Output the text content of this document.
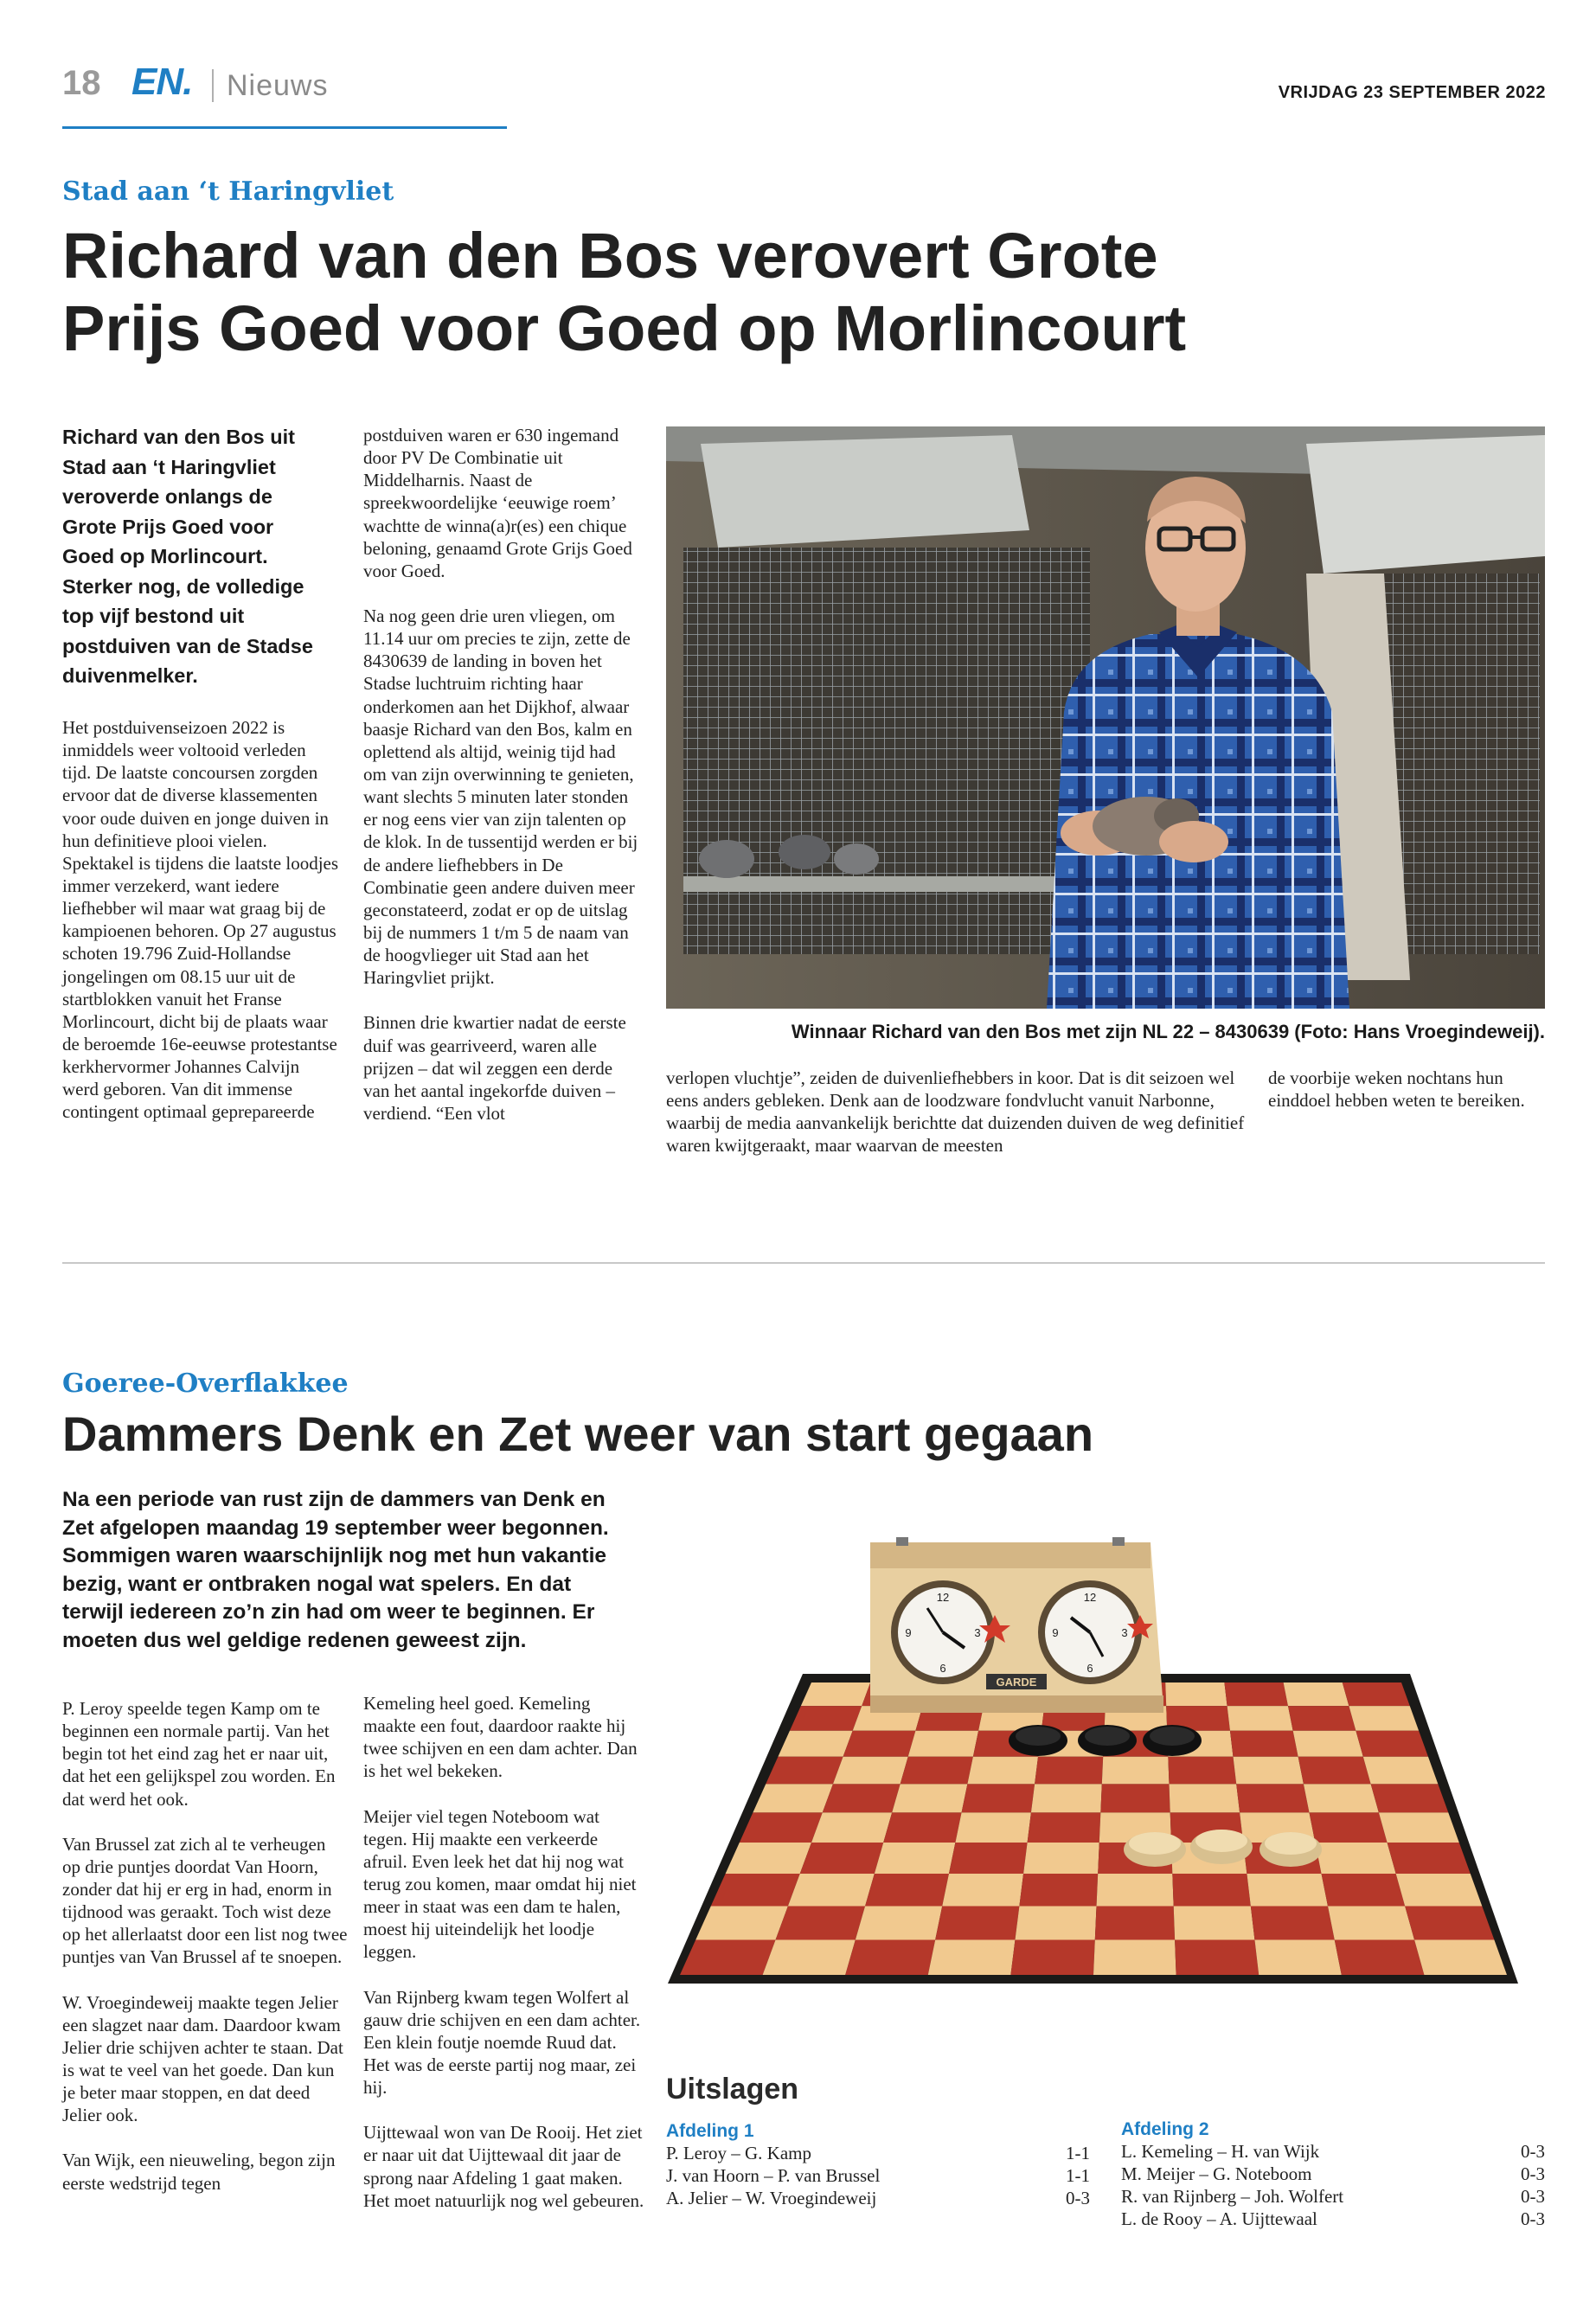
18 EN. Nieuws	VRIJDAG 23 SEPTEMBER 2022
Stad aan ‘t Haringvliet
Richard van den Bos verovert Grote
Prijs Goed voor Goed op Morlincourt
Richard van den Bos uit Stad aan ‘t Haringvliet veroverde onlangs de Grote Prijs Goed voor Goed op Morlincourt. Sterker nog, de volledige top vijf bestond uit postduiven van de Stadse duivenmelker.

Het postduivenseizoen 2022 is inmiddels weer voltooid verleden tijd. De laatste concoursen zorgden ervoor dat de diverse klassementen voor oude duiven en jonge duiven in hun definitieve plooi vielen. Spektakel is tijdens die laatste loodjes immer verzekerd, want iedere liefhebber wil maar wat graag bij de kampioenen behoren. Op 27 augustus schoten 19.796 Zuid-Hollandse jongelingen om 08.15 uur uit de startblokken vanuit het Franse Morlincourt, dicht bij de plaats waar de beroemde 16e-eeuwse protestantse kerkhervormer Johannes Calvijn werd geboren. Van dit immense contingent optimaal geprepareerde

postduiven waren er 630 ingemand door PV De Combinatie uit Middelharnis. Naast de spreekwoordelijke ‘eeuwige roem’ wachtte de winna(a)r(es) een chique beloning, genaamd Grote Grijs Goed voor Goed.

Na nog geen drie uren vliegen, om 11.14 uur om precies te zijn, zette de 8430639 de landing in boven het Stadse luchtruim richting haar onderkomen aan het Dijkhof, alwaar baasje Richard van den Bos, kalm en oplettend als altijd, weinig tijd had om van zijn overwinning te genieten, want slechts 5 minuten later stonden er nog eens vier van zijn talenten op de klok. In de tussentijd werden er bij de andere liefhebbers in De Combinatie geen andere duiven meer geconstateerd, zodat er op de uitslag bij de nummers 1 t/m 5 de naam van de hoogvlieger uit Stad aan het Haringvliet prijkt.

Binnen drie kwartier nadat de eerste duif was gearriveerd, waren alle prijzen – dat wil zeggen een derde van het aantal ingekorfde duiven – verdiend. “Een vlot

Winnaar Richard van den Bos met zijn NL 22 – 8430639 (Foto: Hans Vroegindeweij).

verlopen vluchtje”, zeiden de duivenliefhebbers in koor. Dat is dit seizoen wel eens anders gebleken. Denk aan de loodzware fondvlucht vanuit Narbonne, waarbij de media aanvankelijk berichtte dat duizenden duiven de weg definitief waren kwijtgeraakt, maar waarvan de meesten

de voorbije weken nochtans hun einddoel hebben weten te bereiken.

Goeree-Overflakkee
Dammers Denk en Zet weer van start gegaan
Na een periode van rust zijn de dammers van Denk en Zet afgelopen maandag 19 september weer begonnen. Sommigen waren waarschijnlijk nog met hun vakantie bezig, want er ontbraken nogal wat spelers. En dat terwijl iedereen zo’n zin had om weer te beginnen. Er moeten dus wel geldige redenen geweest zijn.

P. Leroy speelde tegen Kamp om te beginnen een normale partij. Van het begin tot het eind zag het er naar uit, dat het een gelijkspel zou worden. En dat werd het ook.

Van Brussel zat zich al te verheugen op drie puntjes doordat Van Hoorn, zonder dat hij er erg in had, enorm in tijdnood was geraakt. Toch wist deze op het allerlaatst door een list nog twee puntjes van Van Brussel af te snoepen.

W. Vroegindeweij maakte tegen Jelier een slagzet naar dam. Daardoor kwam Jelier drie schijven achter te staan. Dat is wat te veel van het goede. Dan kun je beter maar stoppen, en dat deed Jelier ook.

Van Wijk, een nieuweling, begon zijn eerste wedstrijd tegen

Kemeling heel goed. Kemeling maakte een fout, daardoor raakte hij twee schijven en een dam achter. Dan is het wel bekeken.

Meijer viel tegen Noteboom wat tegen. Hij maakte een verkeerde afruil. Even leek het dat hij nog wat terug zou komen, maar omdat hij niet meer in staat was een dam te halen, moest hij uiteindelijk het loodje leggen.

Van Rijnberg kwam tegen Wolfert al gauw drie schijven en een dam achter. Een klein foutje noemde Ruud dat. Het was de eerste partij nog maar, zei hij.

Uijttewaal won van De Rooij. Het ziet er naar uit dat Uijttewaal dit jaar de sprong naar Afdeling 1 gaat maken. Het moet natuurlijk nog wel gebeuren.

12
3
6
9
12
3
6
9
GARDE
Uitslagen
Afdeling 1
P. Leroy – G. Kamp	1-1
J. van Hoorn – P. van Brussel	1-1
A. Jelier – W. Vroegindeweij	0-3
Afdeling 2
L. Kemeling – H. van Wijk	0-3
M. Meijer – G. Noteboom	0-3
R. van Rijnberg – Joh. Wolfert	0-3
L. de Rooy – A. Uijttewaal	0-3
